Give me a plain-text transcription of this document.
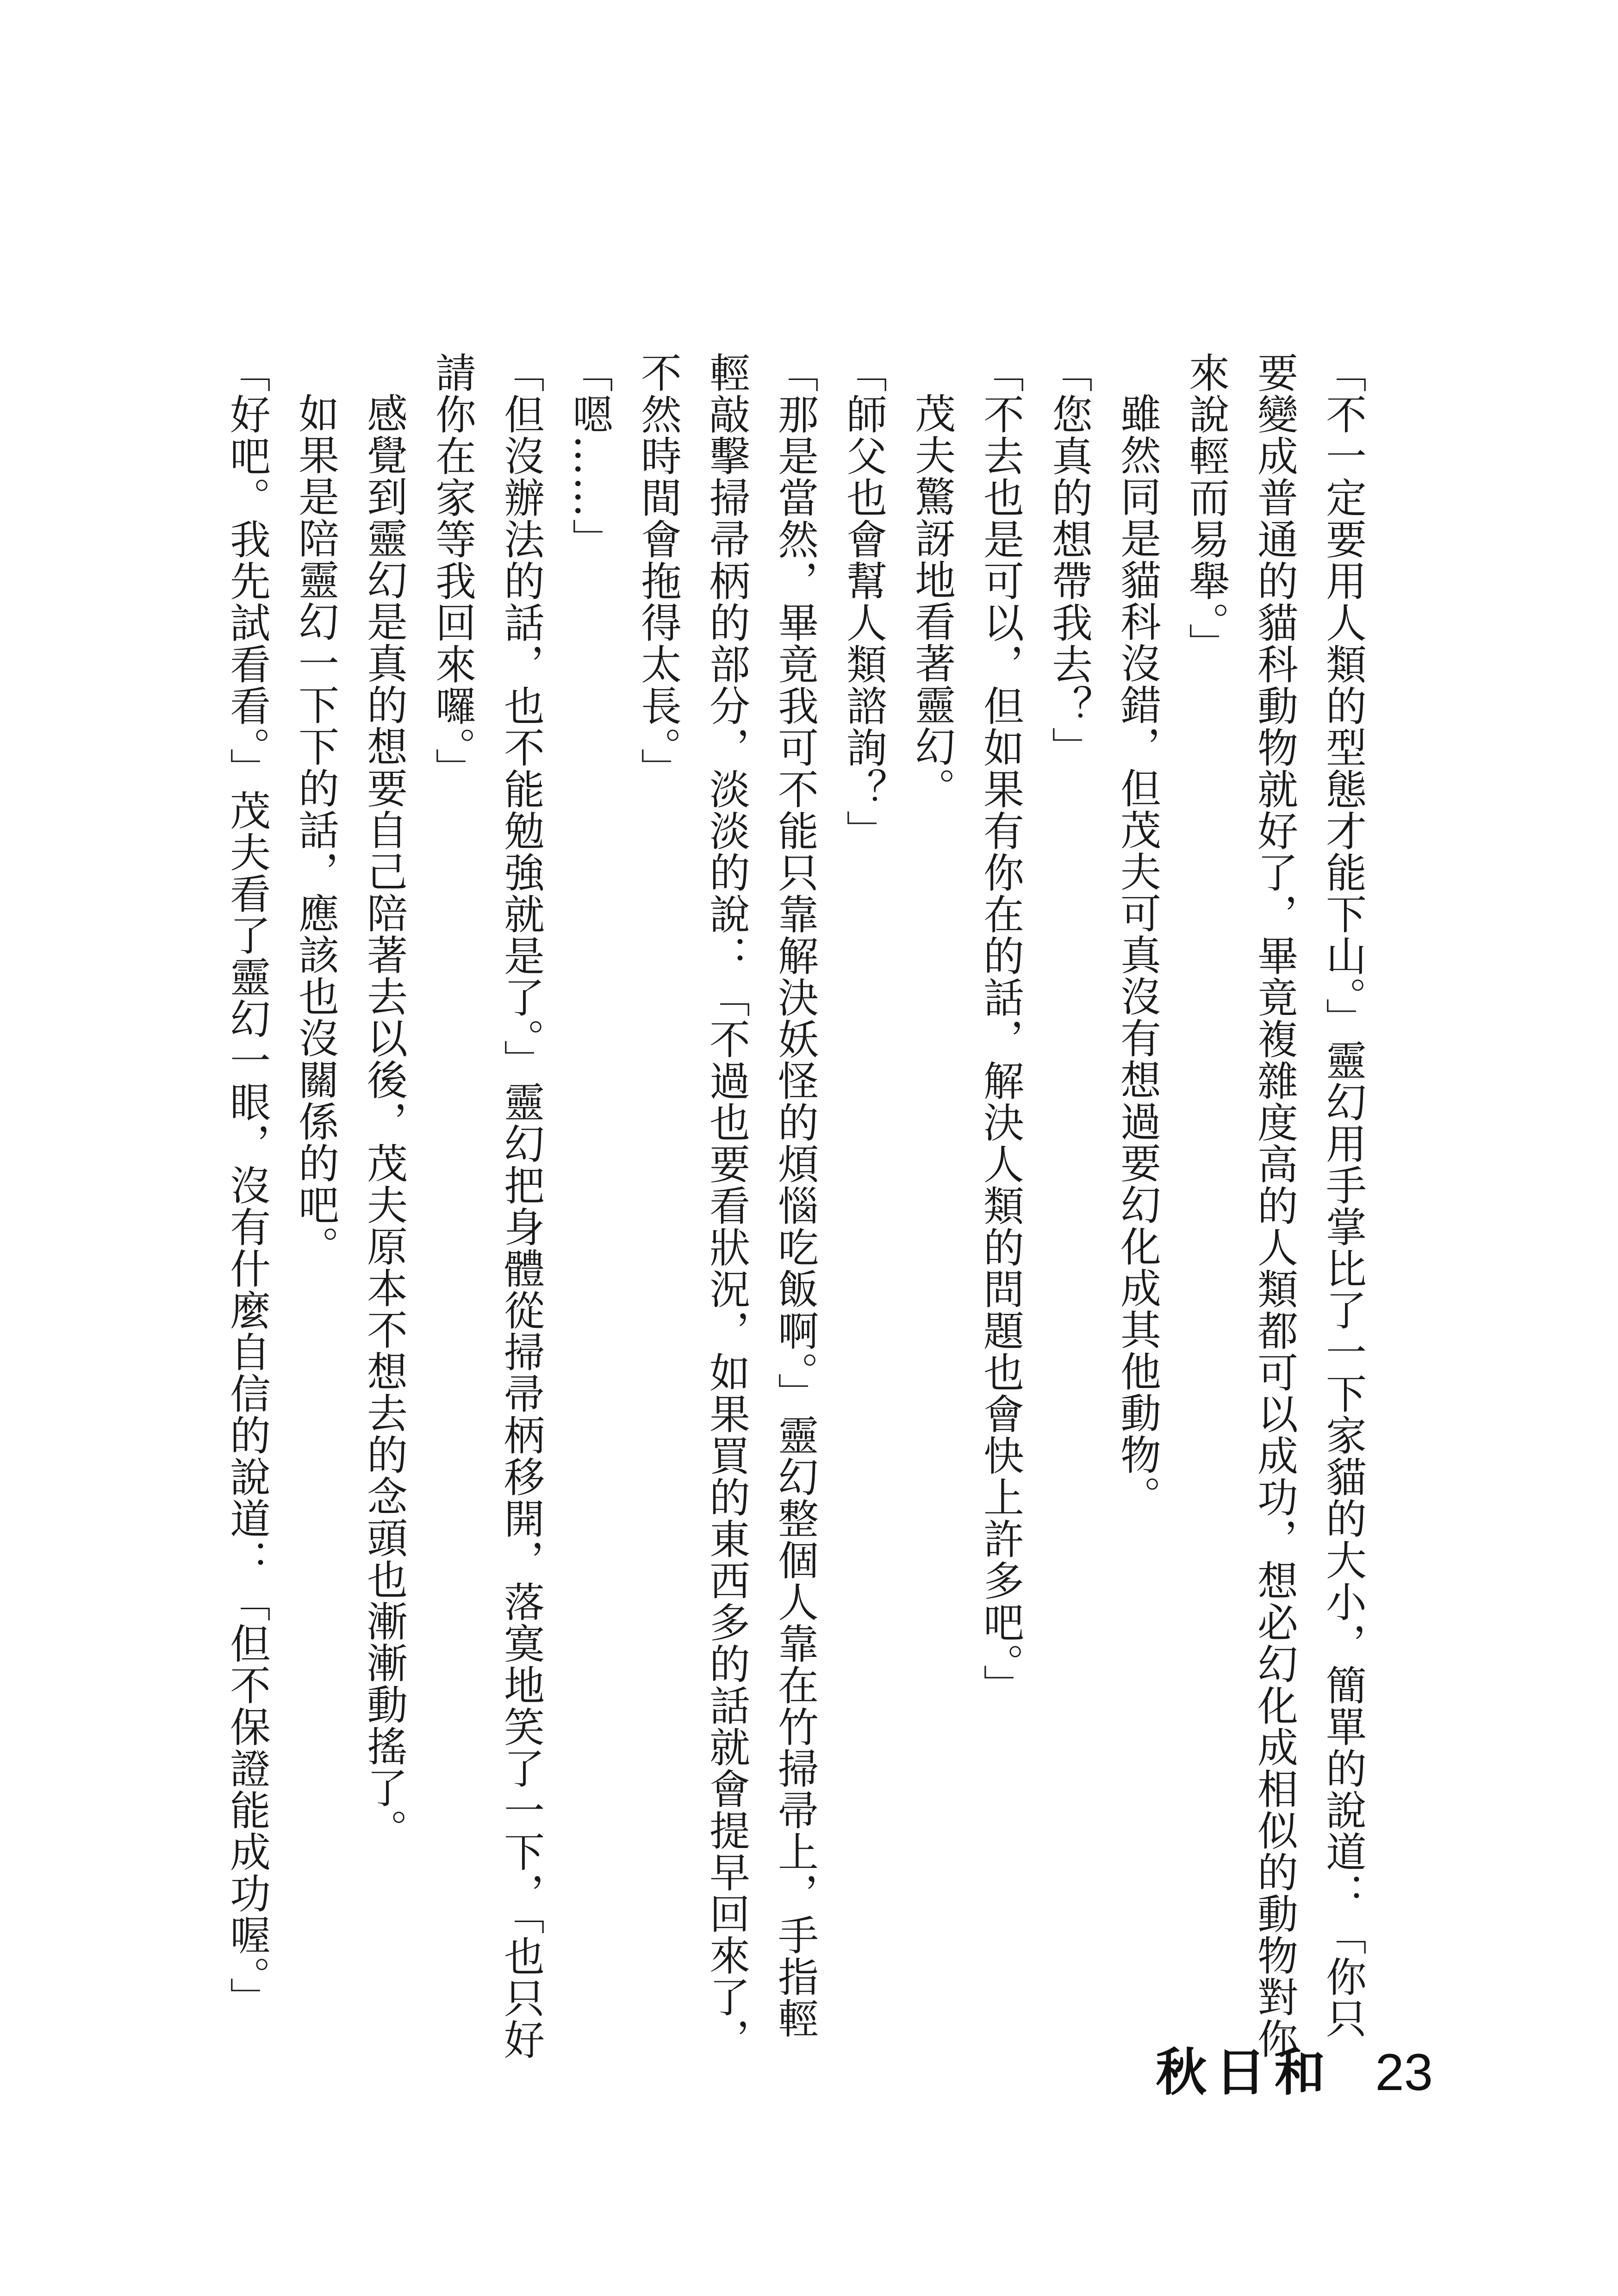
「不一定要用人類的型態才能下山。」靈幻用手掌比了一下家貓的大小，簡單的說道：「你只要變成普通的貓科動物就好了，畢竟複雜度高的人類都可以成功，想必幻化成相似的動物對你來說輕而易舉。」

雖然同是貓科沒錯，但茂夫可真沒有想過要幻化成其他動物。

「您真的想帶我去？」

「不去也是可以，但如果有你在的話，解決人類的問題也會快上許多吧。」

茂夫驚訝地看著靈幻。

「師父也會幫人類諮詢？」

「那是當然，畢竟我可不能只靠解決妖怪的煩惱吃飯啊。」靈幻整個人靠在竹掃帚上，手指輕輕敲擊掃帚柄的部分，淡淡的說：「不過也要看狀況，如果買的東西多的話就會提早回來了，不然時間會拖得太長。」

「嗯……」

「但沒辦法的話，也不能勉強就是了。」靈幻把身體從掃帚柄移開，落寞地笑了一下，「也只好請你在家等我回來囉。」

感覺到靈幻是真的想要自己陪著去以後，茂夫原本不想去的念頭也漸漸動搖了。

如果是陪靈幻一下下的話，應該也沒關係的吧。

「好吧。我先試看看。」茂夫看了靈幻一眼，沒有什麼自信的說道：「但不保證能成功喔。」

秋日和 23
